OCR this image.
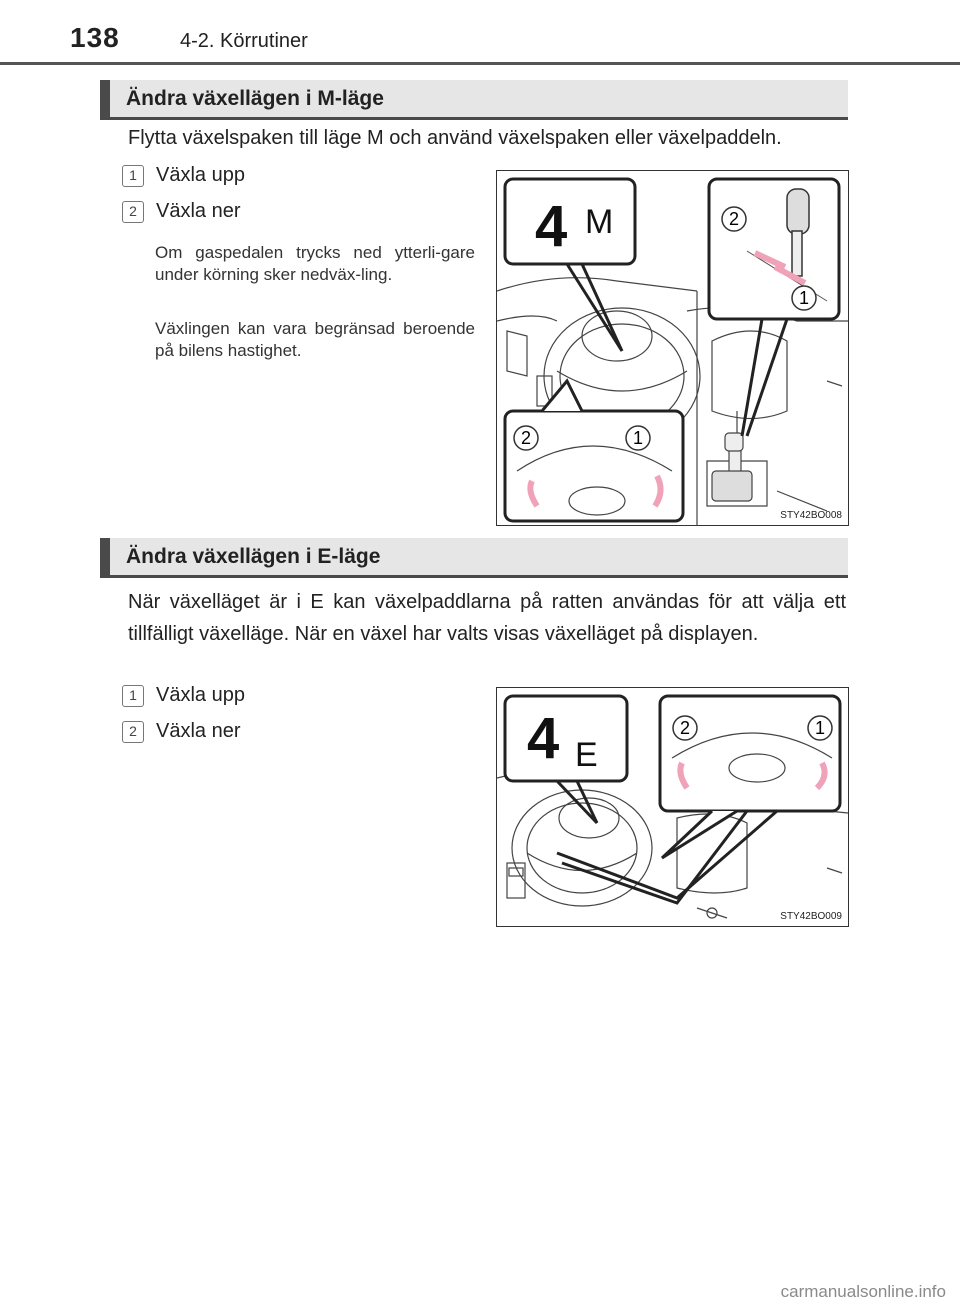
138	4-2. Körrutiner
Ändra växellägen i M-läge
Flytta växelspaken till läge M och använd växelspaken eller växelpaddeln.
1 Växla upp
2 Växla ner
Om gaspedalen trycks ned ytterli-gare under körning sker nedväx-ling.
Växlingen kan vara begränsad beroende på bilens hastighet.
4 M	2
1
2	1
STY42BO008
Ändra växellägen i E-läge
När växelläget är i E kan växelpaddlarna på ratten användas för att välja ett tillfälligt växelläge. När en växel har valts visas växelläget på displayen.
1 Växla upp
2 Växla ner	4 E
2	1
STY42BO009
carmanualsonline.info
